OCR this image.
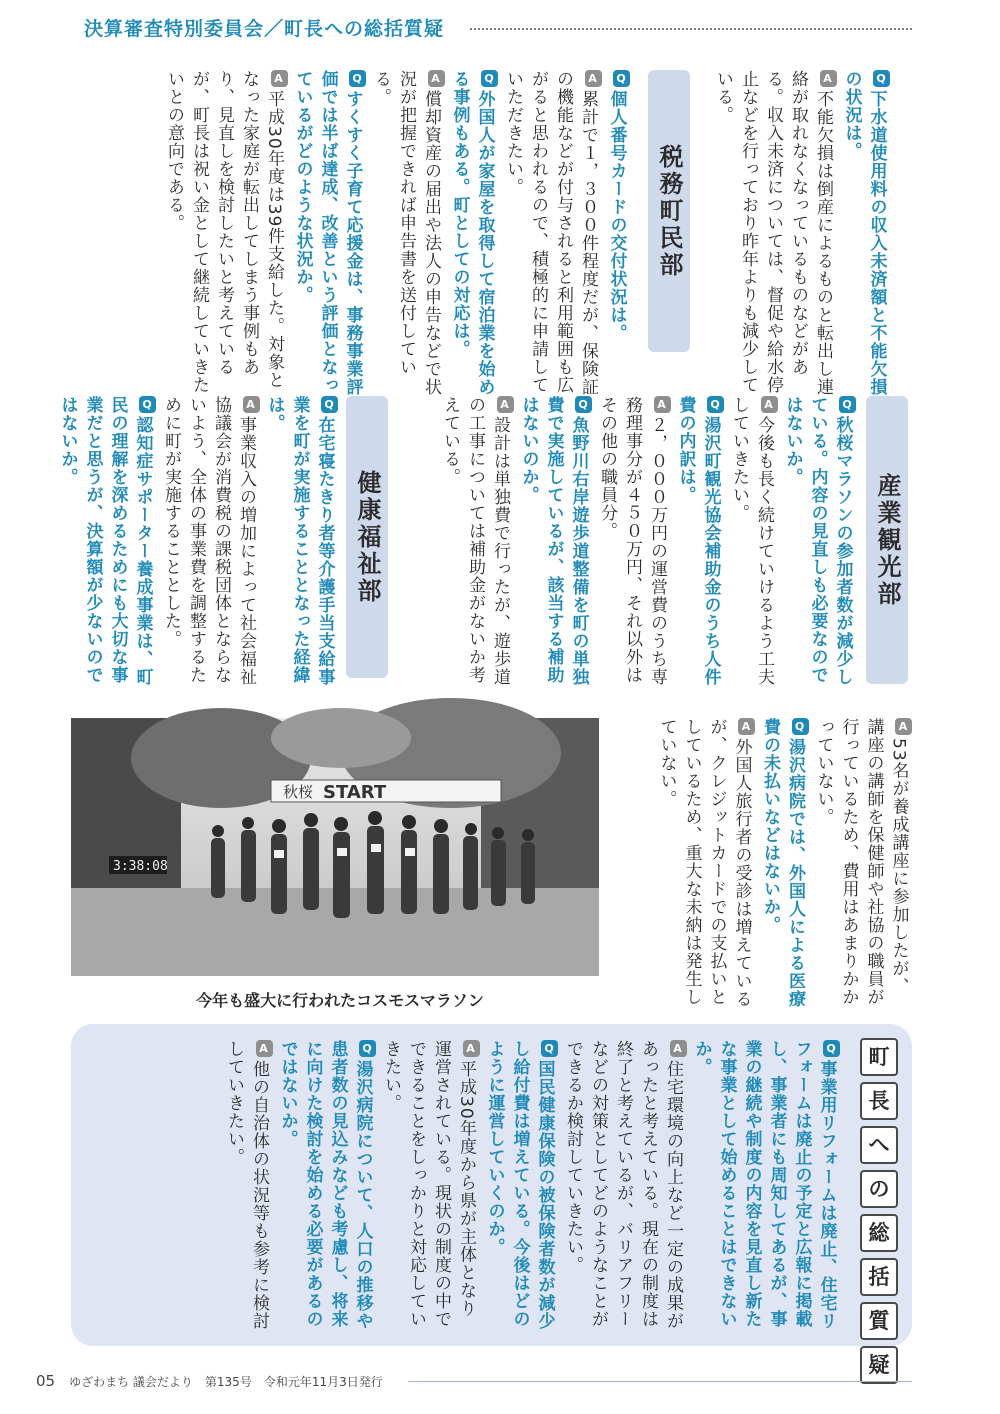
決算審査特別委員会／町長への総括質疑

Q下水道使用料の収入未済額と不能欠損の状況は。

A不能欠損は倒産によるものと転出し連絡が取れなくなっているものなどがある。収入未済については、督促や給水停止などを行っており昨年よりも減少している。

税務町民部

Q個人番号カードの交付状況は。

A累計で１，３００件程度だが、保険証の機能などが付与されると利用範囲も広がると思われるので、積極的に申請していただきたい。

Q外国人が家屋を取得して宿泊業を始める事例もある。町としての対応は。

A償却資産の届出や法人の申告などで状況が把握できれば申告書を送付している。

Qすくすく子育て応援金は、事務事業評価では半ば達成、改善という評価となっているがどのような状況か。

A平成30年度は39件支給した。対象となった家庭が転出してしまう事例もあり、見直しを検討したいと考えているが、町長は祝い金として継続していきたいとの意向である。

産業観光部

Q秋桜マラソンの参加者数が減少している。内容の見直しも必要なのではないか。

A今後も長く続けていけるよう工夫していきたい。

Q湯沢町観光協会補助金のうち人件費の内訳は。

A２，０００万円の運営費のうち専務理事分が４５０万円、それ以外はその他の職員分。

Q魚野川右岸遊歩道整備を町の単独費で実施しているが、該当する補助はないのか。

A設計は単独費で行ったが、遊歩道の工事については補助金がないか考えている。

健康福祉部

Q在宅寝たきり者等介護手当支給事業を町が実施することとなった経緯は。

A事業収入の増加によって社会福祉協議会が消費税の課税団体とならないよう、全体の事業費を調整するために町が実施することとした。

Q認知症サポーター養成事業は、町民の理解を深めるためにも大切な事業だと思うが、決算額が少ないのではないか。

A53名が養成講座に参加したが、講座の講師を保健師や社協の職員が行っているため、費用はあまりかかっていない。

Q湯沢病院では、外国人による医療費の未払いなどはないか。

A外国人旅行者の受診は増えているが、クレジットカードでの支払いとしているため、重大な未納は発生していない。

秋桜 START
3:38:08
今年も盛大に行われたコスモスマラソン
町
長
へ
の
総
括
質
疑

Q事業用リフォームは廃止、住宅リフォームは廃止の予定と広報に掲載し、事業者にも周知してあるが、事業の継続や制度の内容を見直し新たな事業として始めることはできないか。

A住宅環境の向上など一定の成果があったと考えている。現在の制度は終了と考えているが、バリアフリーなどの対策としてどのようなことができるか検討していきたい。

Q国民健康保険の被保険者数が減少し給付費は増えている。今後はどのように運営していくのか。

A平成30年度から県が主体となり運営されている。現状の制度の中でできることをしっかりと対応していきたい。

Q湯沢病院について、人口の推移や患者数の見込みなども考慮し、将来に向けた検討を始める必要があるのではないか。

A他の自治体の状況等も参考に検討していきたい。

05 ゆざわまち 議会だより　第135号　令和元年11月3日発行
